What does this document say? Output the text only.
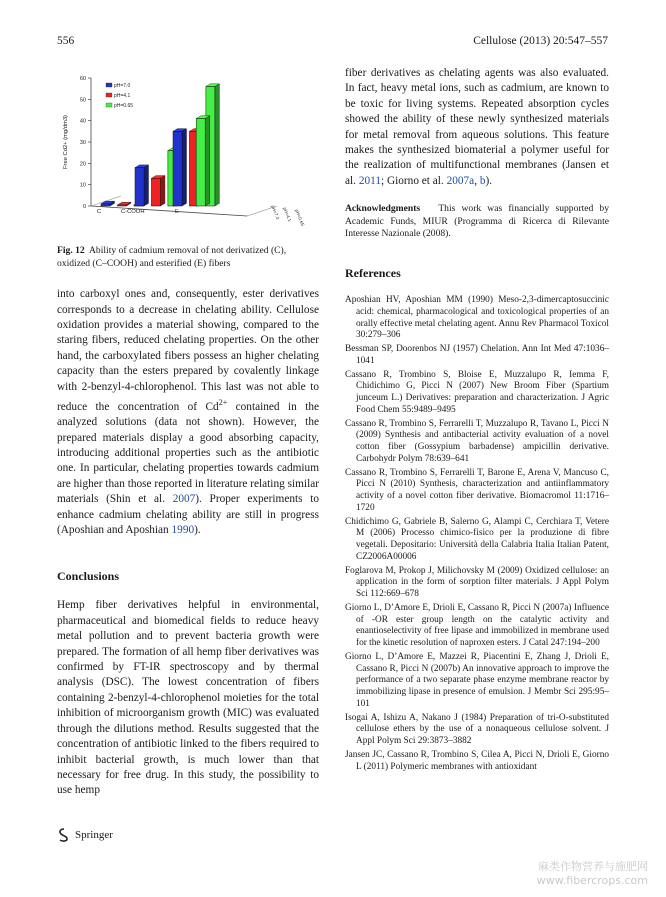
556	Cellulose (2013) 20:547–557
0
10
20
30
40
50
60
Free Cd2+ (mg/dm3)
pH=7.0
pH=4.1
pH=0.65
C	C-COOH	E	pH=7.0 pH=4.1 pH=0.65

Fig. 12 Ability of cadmium removal of not derivatized (C), oxidized (C–COOH) and esterified (E) fibers

into carboxyl ones and, consequently, ester derivatives corresponds to a decrease in chelating ability. Cellulose oxidation provides a material showing, compared to the staring fibers, reduced chelating properties. On the other hand, the carboxylated fibers possess an higher chelating capacity than the esters prepared by covalently linkage with 2-benzyl-4-chlorophenol. This last was not able to reduce the concentration of $Cd^{2+}$ contained in the analyzed solutions (data not shown). However, the prepared materials display a good absorbing capacity, introducing additional properties such as the antibiotic one. In particular, chelating properties towards cadmium are higher than those reported in literature relating similar materials (Shin et al. 2007). Proper experiments to enhance cadmium chelating ability are still in progress (Aposhian and Aposhian 1990).

Conclusions

Hemp fiber derivatives helpful in environmental, pharmaceutical and biomedical fields to reduce heavy metal pollution and to prevent bacteria growth were prepared. The formation of all hemp fiber derivatives was confirmed by FT-IR spectroscopy and by thermal analysis (DSC). The lowest concentration of fibers containing 2-benzyl-4-chlorophenol moieties for the total inhibition of microorganism growth (MIC) was evaluated through the dilutions method. Results suggested that the concentration of antibiotic linked to the fibers required to inhibit bacterial growth, is much lower than that necessary for free drug. In this study, the possibility to use hemp

fiber derivatives as chelating agents was also evaluated. In fact, heavy metal ions, such as cadmium, are known to be toxic for living systems. Repeated absorption cycles showed the ability of these newly synthesized materials for metal removal from aqueous solutions. This feature makes the synthesized biomaterial a polymer useful for the realization of multifunctional membranes (Jansen et al. 2011; Giorno et al. 2007a, b).

Acknowledgments This work was financially supported by Academic Funds, MIUR (Programma di Ricerca di Rilevante Interesse Nazionale (2008).

References

Aposhian HV, Aposhian MM (1990) Meso-2,3-dimercaptosuccinic acid: chemical, pharmacological and toxicological properties of an orally effective metal chelating agent. Annu Rev Pharmacol Toxicol 30:279–306

Bessman SP, Doorenbos NJ (1957) Chelation. Ann Int Med 47:1036–1041

Cassano R, Trombino S, Bloise E, Muzzalupo R, Iemma F, Chidichimo G, Picci N (2007) New Broom Fiber (Spartium junceum L.) Derivatives: preparation and characterization. J Agric Food Chem 55:9489–9495

Cassano R, Trombino S, Ferrarelli T, Muzzalupo R, Tavano L, Picci N (2009) Synthesis and antibacterial activity evaluation of a novel cotton fiber (Gossypium barbadense) ampicillin derivative. Carbohydr Polym 78:639–641

Cassano R, Trombino S, Ferrarelli T, Barone E, Arena V, Mancuso C, Picci N (2010) Synthesis, characterization and antiinflammatory activity of a novel cotton fiber derivative. Biomacromol 11:1716–1720

Chidichimo G, Gabriele B, Salerno G, Alampi C, Cerchiara T, Vetere M (2006) Processo chimico-fisico per la produzione di fibre vegetali. Depositario: Università della Calabria Italia Italian Patent, CZ2006A00006

Foglarova M, Prokop J, Milichovsky M (2009) Oxidized cellulose: an application in the form of sorption filter materials. J Appl Polym Sci 112:669–678

Giorno L, D’Amore E, Drioli E, Cassano R, Picci N (2007a) Influence of -OR ester group length on the catalytic activity and enantioselectivity of free lipase and immobilized in membrane used for the kinetic resolution of naproxen esters. J Catal 247:194–200

Giorno L, D’Amore E, Mazzei R, Piacentini E, Zhang J, Drioli E, Cassano R, Picci N (2007b) An innovative approach to improve the performance of a two separate phase enzyme membrane reactor by immobilizing lipase in presence of emulsion. J Membr Sci 295:95–101

Isogai A, Ishizu A, Nakano J (1984) Preparation of tri-O-substituted cellulose ethers by the use of a nonaqueous cellulose solvent. J Appl Polym Sci 29:3873–3882

Jansen JC, Cassano R, Trombino S, Cilea A, Picci N, Drioli E, Giorno L (2011) Polymeric membranes with antioxidant

Springer
麻类作物营养与施肥网
www.fibercrops.com
